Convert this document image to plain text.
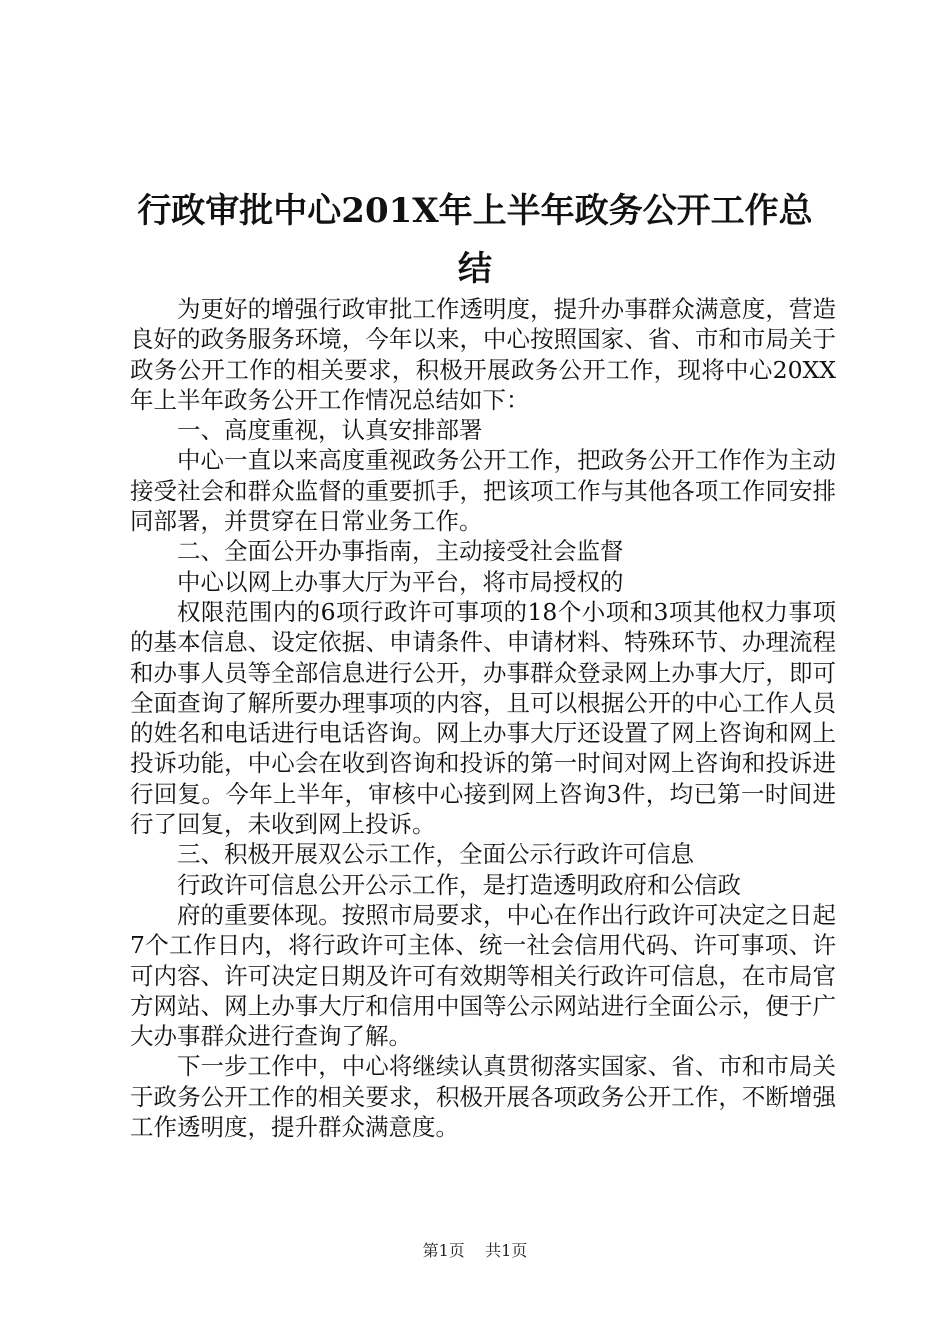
行政审批中心201X年上半年政务公开工作总
结

为更好的增强行政审批工作透明度，提升办事群众满意度，营造良好的政务服务环境，今年以来，中心按照国家、省、市和市局关于政务公开工作的相关要求，积极开展政务公开工作，现将中心20XX年上半年政务公开工作情况总结如下：

一、高度重视，认真安排部署

中心一直以来高度重视政务公开工作，把政务公开工作作为主动接受社会和群众监督的重要抓手，把该项工作与其他各项工作同安排同部署，并贯穿在日常业务工作。

二、全面公开办事指南，主动接受社会监督

中心以网上办事大厅为平台，将市局授权的

权限范围内的6项行政许可事项的18个小项和3项其他权力事项的基本信息、设定依据、申请条件、申请材料、特殊环节、办理流程和办事人员等全部信息进行公开，办事群众登录网上办事大厅，即可全面查询了解所要办理事项的内容，且可以根据公开的中心工作人员的姓名和电话进行电话咨询。网上办事大厅还设置了网上咨询和网上投诉功能，中心会在收到咨询和投诉的第一时间对网上咨询和投诉进行回复。今年上半年，审核中心接到网上咨询3件，均已第一时间进行了回复，未收到网上投诉。

三、积极开展双公示工作，全面公示行政许可信息

行政许可信息公开公示工作，是打造透明政府和公信政

府的重要体现。按照市局要求，中心在作出行政许可决定之日起7个工作日内，将行政许可主体、统一社会信用代码、许可事项、许可内容、许可决定日期及许可有效期等相关行政许可信息，在市局官方网站、网上办事大厅和信用中国等公示网站进行全面公示，便于广大办事群众进行查询了解。

下一步工作中，中心将继续认真贯彻落实国家、省、市和市局关于政务公开工作的相关要求，积极开展各项政务公开工作，不断增强工作透明度，提升群众满意度。

第1页 共1页
